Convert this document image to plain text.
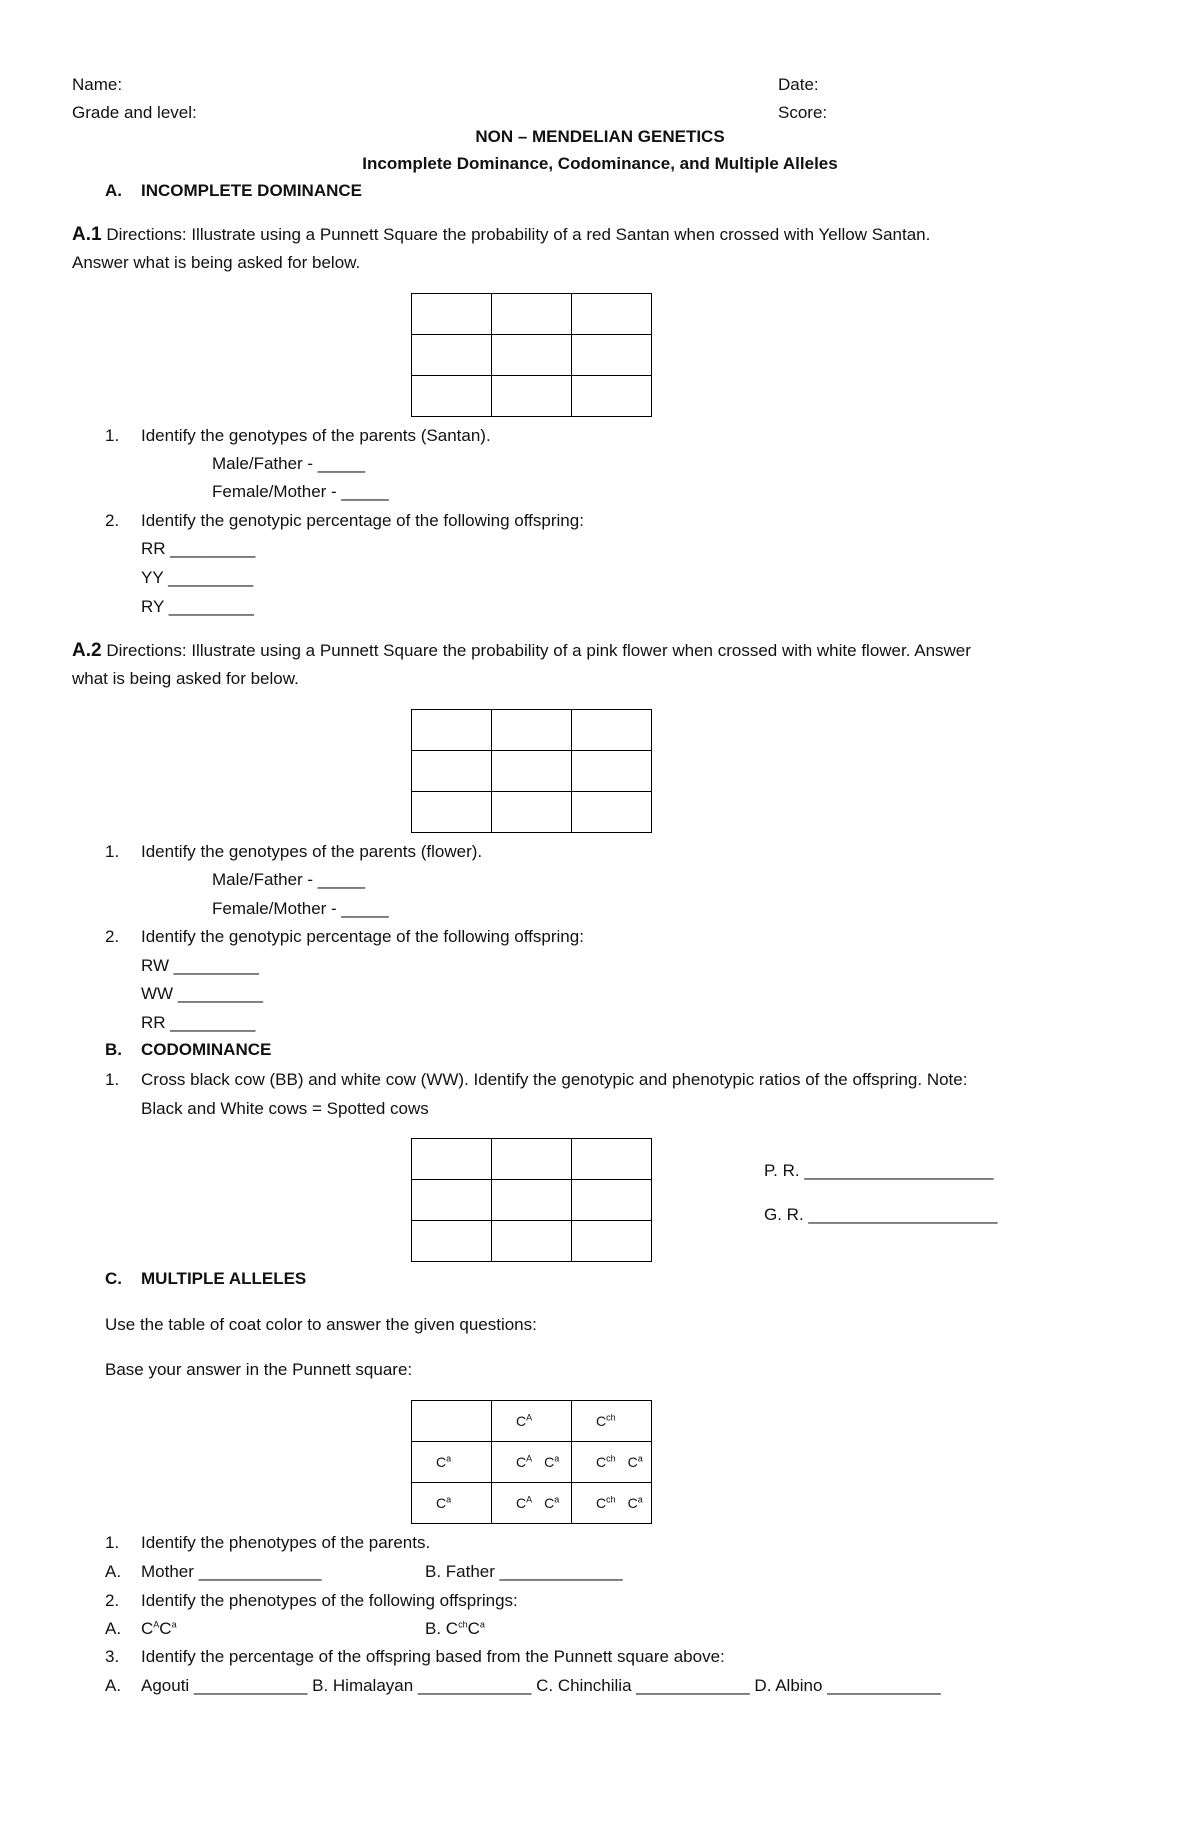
Name:
Grade and level:
Date:
Score:
NON – MENDELIAN GENETICS
Incomplete Dominance, Codominance, and Multiple Alleles
A. INCOMPLETE DOMINANCE
A.1 Directions: Illustrate using a Punnett Square the probability of a red Santan when crossed with Yellow Santan.
Answer what is being asked for below.

1. Identify the genotypes of the parents (Santan).
Male/Father - _____
Female/Mother - _____
2. Identify the genotypic percentage of the following offspring:
RR _________
YY _________
RY _________
A.2 Directions: Illustrate using a Punnett Square the probability of a pink flower when crossed with white flower. Answer
what is being asked for below.

1. Identify the genotypes of the parents (flower).
Male/Father - _____
Female/Mother - _____
2. Identify the genotypic percentage of the following offspring:
RW _________
WW _________
RR _________
B. CODOMINANCE
1. Cross black cow (BB) and white cow (WW). Identify the genotypic and phenotypic ratios of the offspring. Note:
Black and White cows = Spotted cows

P. R. ____________________
G. R. ____________________
C. MULTIPLE ALLELES
Use the table of coat color to answer the given questions:
Base your answer in the Punnett square:
	$C^A$	$C^{ch}$
$C^a$	$C^A$ $C^a$	$C^{ch}$ $C^a$
$C^a$	$C^A$ $C^a$	$C^{ch}$ $C^a$
1. Identify the phenotypes of the parents.
A. Mother _____________	B. Father _____________
2. Identify the phenotypes of the following offsprings:
A. $C^AC^a$	B. $C^{ch}C^a$
3. Identify the percentage of the offspring based from the Punnett square above:
A. Agouti ____________ B. Himalayan ____________ C. Chinchilia ____________ D. Albino ____________
